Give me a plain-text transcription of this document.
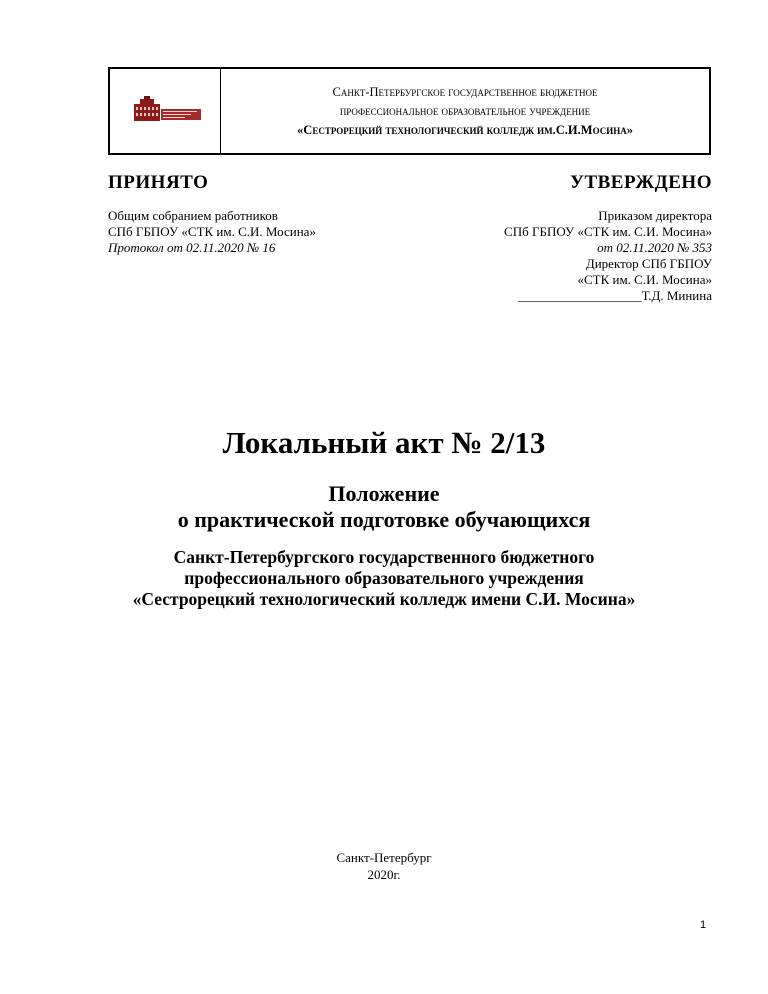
Санкт-Петербургское государственное бюджетное
профессиональное образовательное учреждение
«Сестрорецкий технологический колледж им.С.И.Мосина»
ПРИНЯТО	УТВЕРЖДЕНО
Общим собранием работников
СПб ГБПОУ «СТК им. С.И. Мосина»
Протокол от 02.11.2020 № 16
Приказом директора
СПб ГБПОУ «СТК им. С.И. Мосина»
от 02.11.2020 № 353
Директор СПб ГБПОУ
«СТК им. С.И. Мосина»
___________________Т.Д. Минина
Локальный акт № 2/13
Положение
о практической подготовке обучающихся
Санкт-Петербургского государственного бюджетного
профессионального образовательного учреждения
«Сестрорецкий технологический колледж имени С.И. Мосина»
Санкт-Петербург
2020г.
1
